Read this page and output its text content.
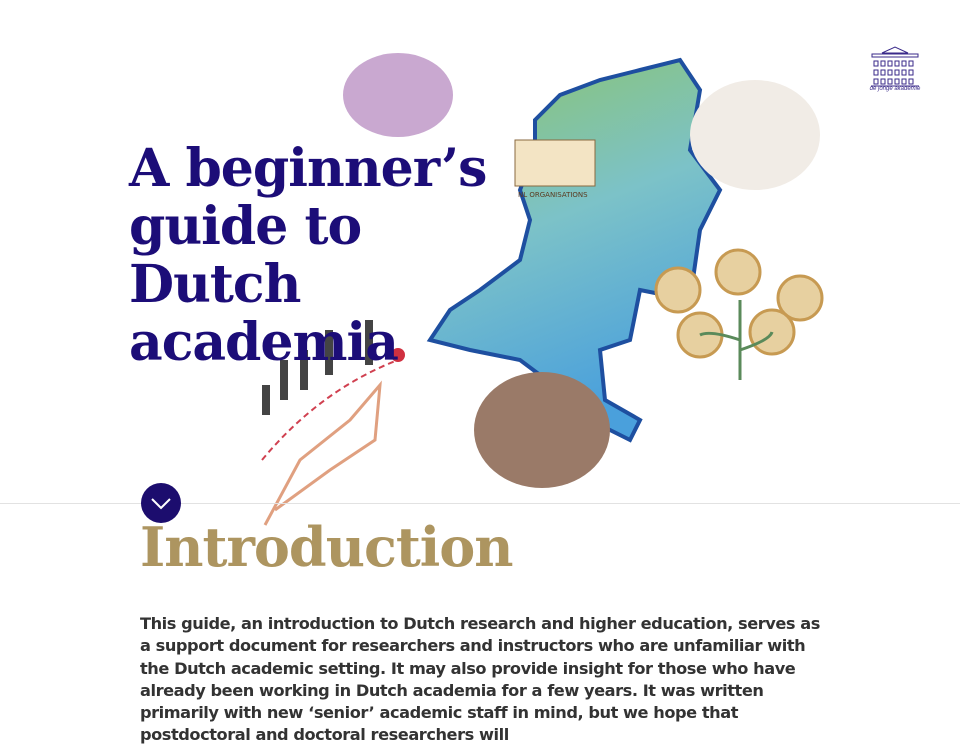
NL ORGANISATIONS
A beginner’s guide to Dutch academia
de jonge akademie
Introduction

This guide, an introduction to Dutch research and higher education, serves as a support document for researchers and instructors who are unfamiliar with the Dutch academic setting. It may also provide insight for those who have already been working in Dutch academia for a few years. It was written primarily with new ‘senior’ academic staff in mind, but we hope that postdoctoral and doctoral researchers will
